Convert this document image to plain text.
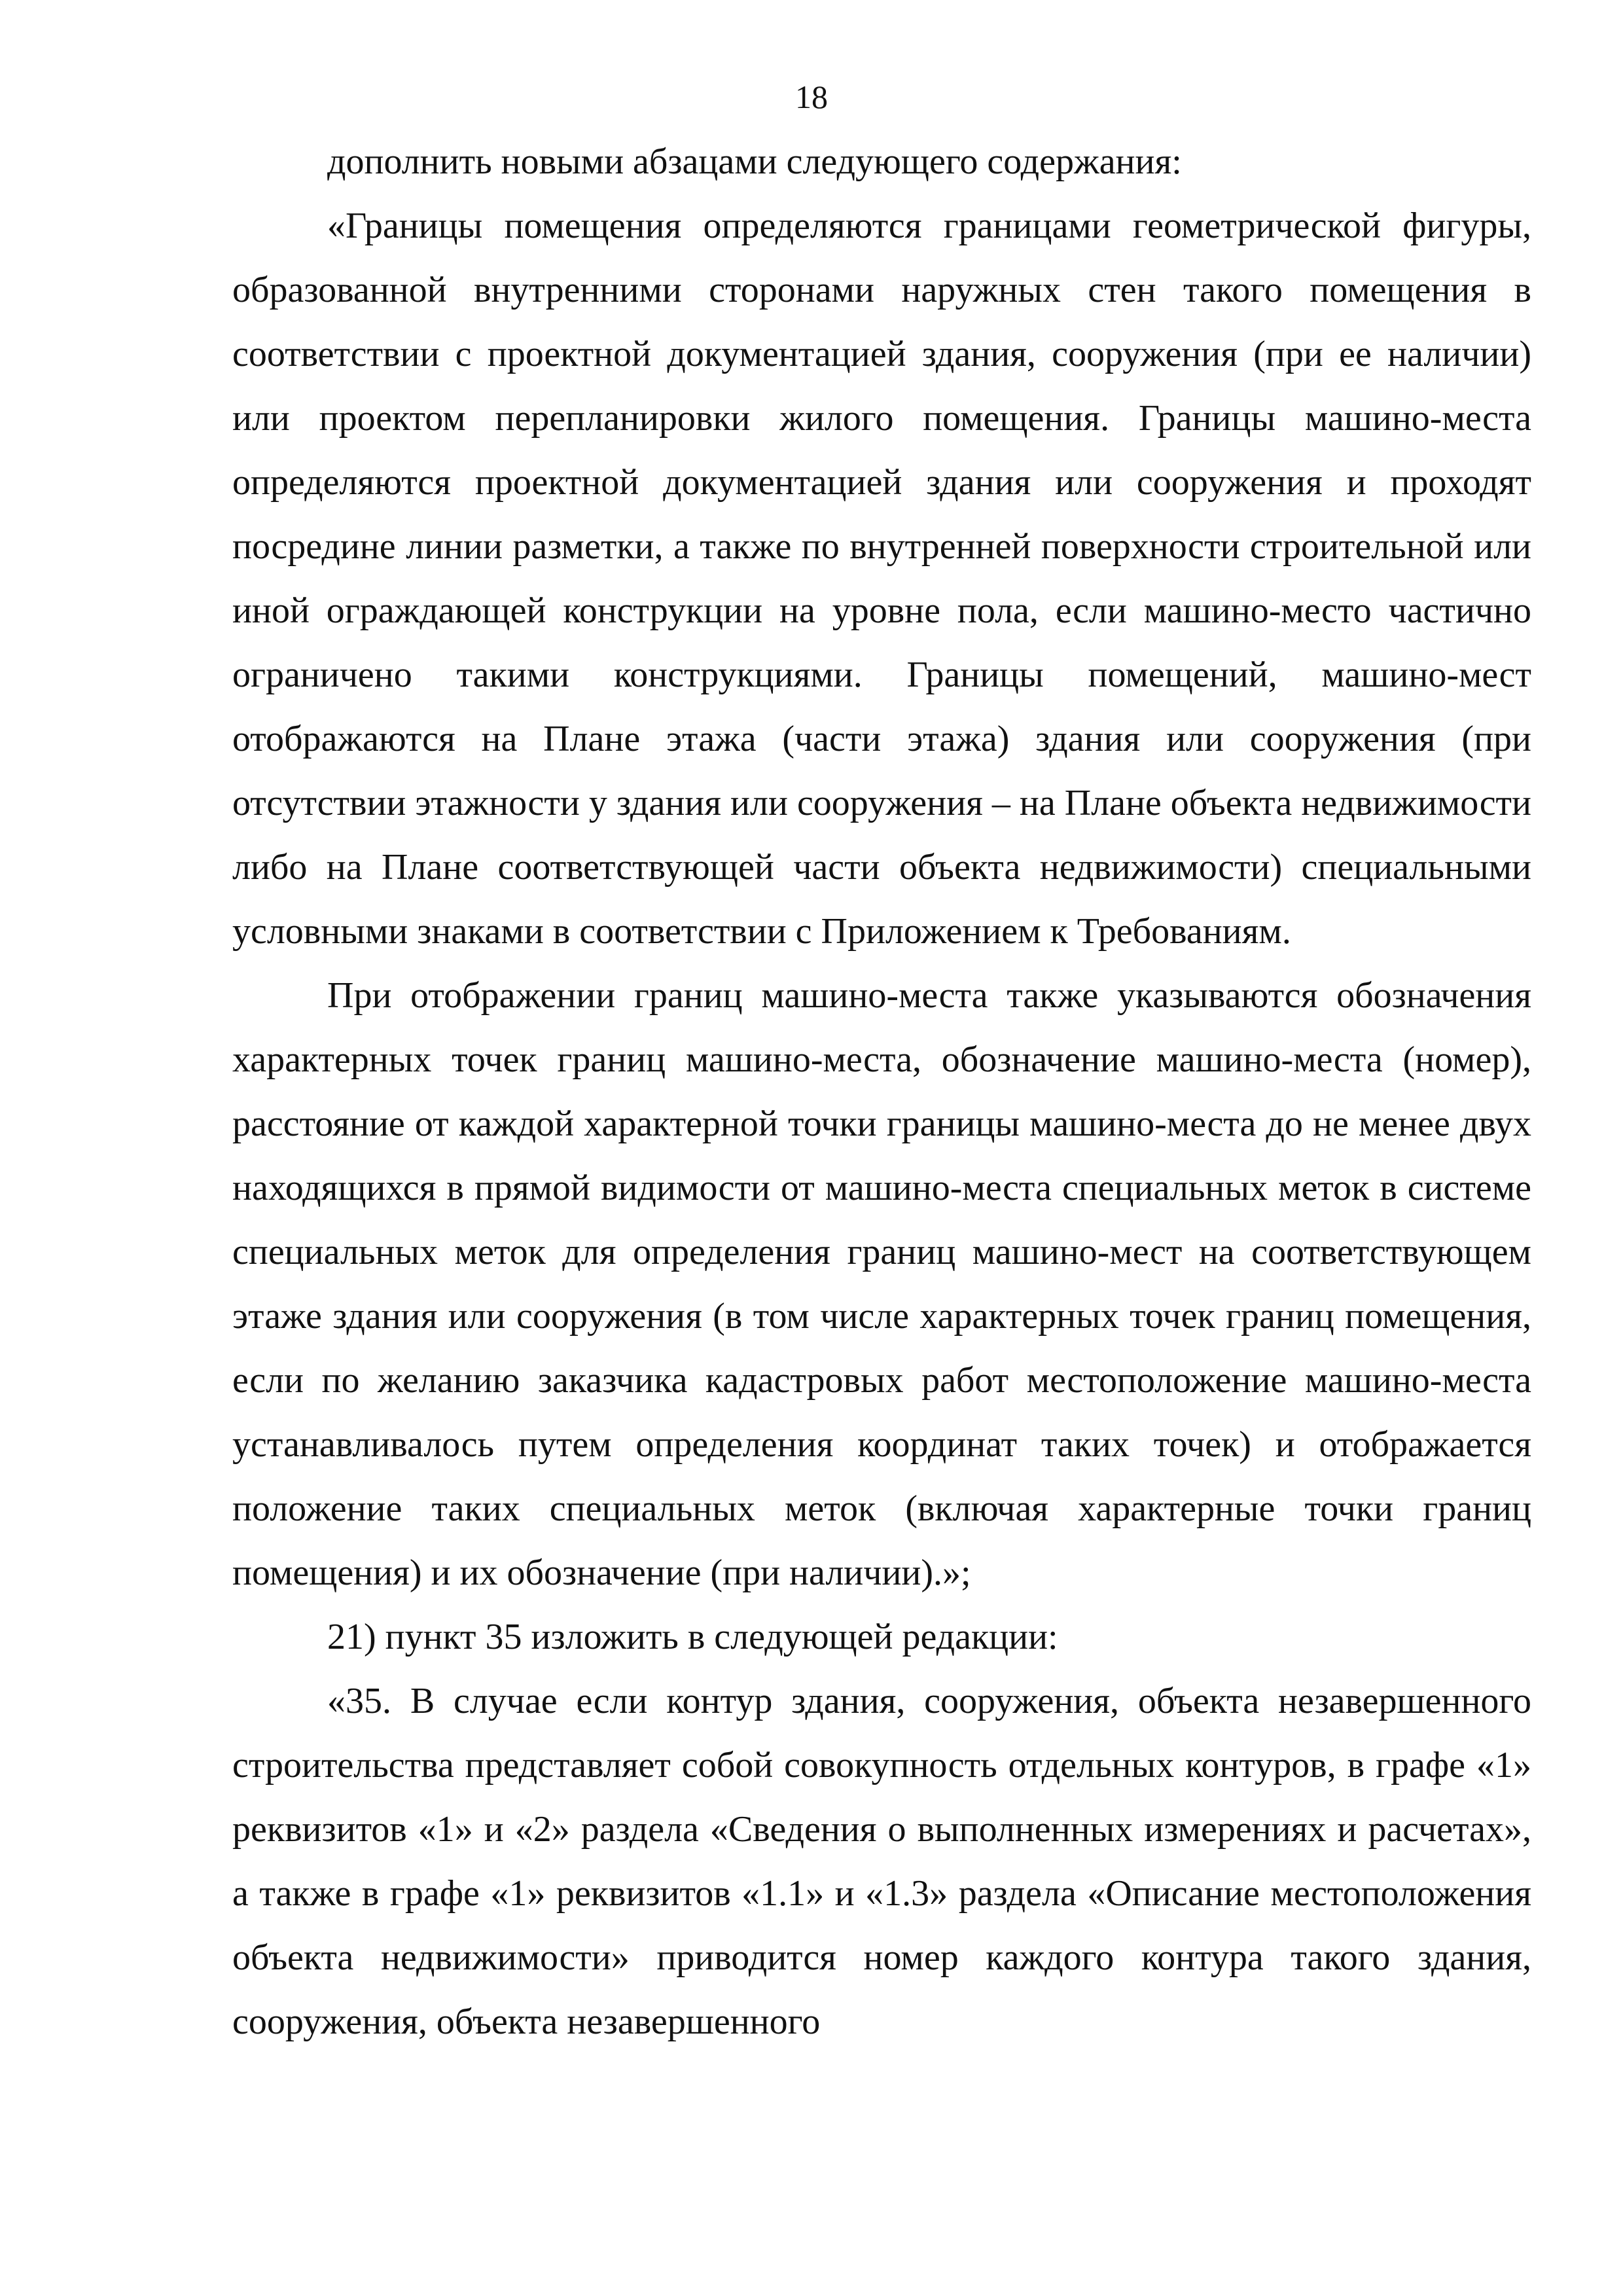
18

дополнить новыми абзацами следующего содержания:

«Границы помещения определяются границами геометрической фигуры, образованной внутренними сторонами наружных стен такого помещения в соответствии с проектной документацией здания, сооружения (при ее наличии) или проектом перепланировки жилого помещения. Границы машино-места определяются проектной документацией здания или сооружения и проходят посредине линии разметки, а также по внутренней поверхности строительной или иной ограждающей конструкции на уровне пола, если машино-место частично ограничено такими конструкциями. Границы помещений, машино-мест отображаются на Плане этажа (части этажа) здания или сооружения (при отсутствии этажности у здания или сооружения – на Плане объекта недвижимости либо на Плане соответствующей части объекта недвижимости) специальными условными знаками в соответствии с Приложением к Требованиям.

При отображении границ машино-места также указываются обозначения характерных точек границ машино-места, обозначение машино-места (номер), расстояние от каждой характерной точки границы машино-места до не менее двух находящихся в прямой видимости от машино-места специальных меток в системе специальных меток для определения границ машино-мест на соответствующем этаже здания или сооружения (в том числе характерных точек границ помещения, если по желанию заказчика кадастровых работ местоположение машино-места устанавливалось путем определения координат таких точек) и отображается положение таких специальных меток (включая характерные точки границ помещения) и их обозначение (при наличии).»;

21) пункт 35 изложить в следующей редакции:

«35. В случае если контур здания, сооружения, объекта незавершенного строительства представляет собой совокупность отдельных контуров, в графе «1» реквизитов «1» и «2» раздела «Сведения о выполненных измерениях и расчетах», а также в графе «1» реквизитов «1.1» и «1.3» раздела «Описание местоположения объекта недвижимости» приводится номер каждого контура такого здания, сооружения, объекта незавершенного
